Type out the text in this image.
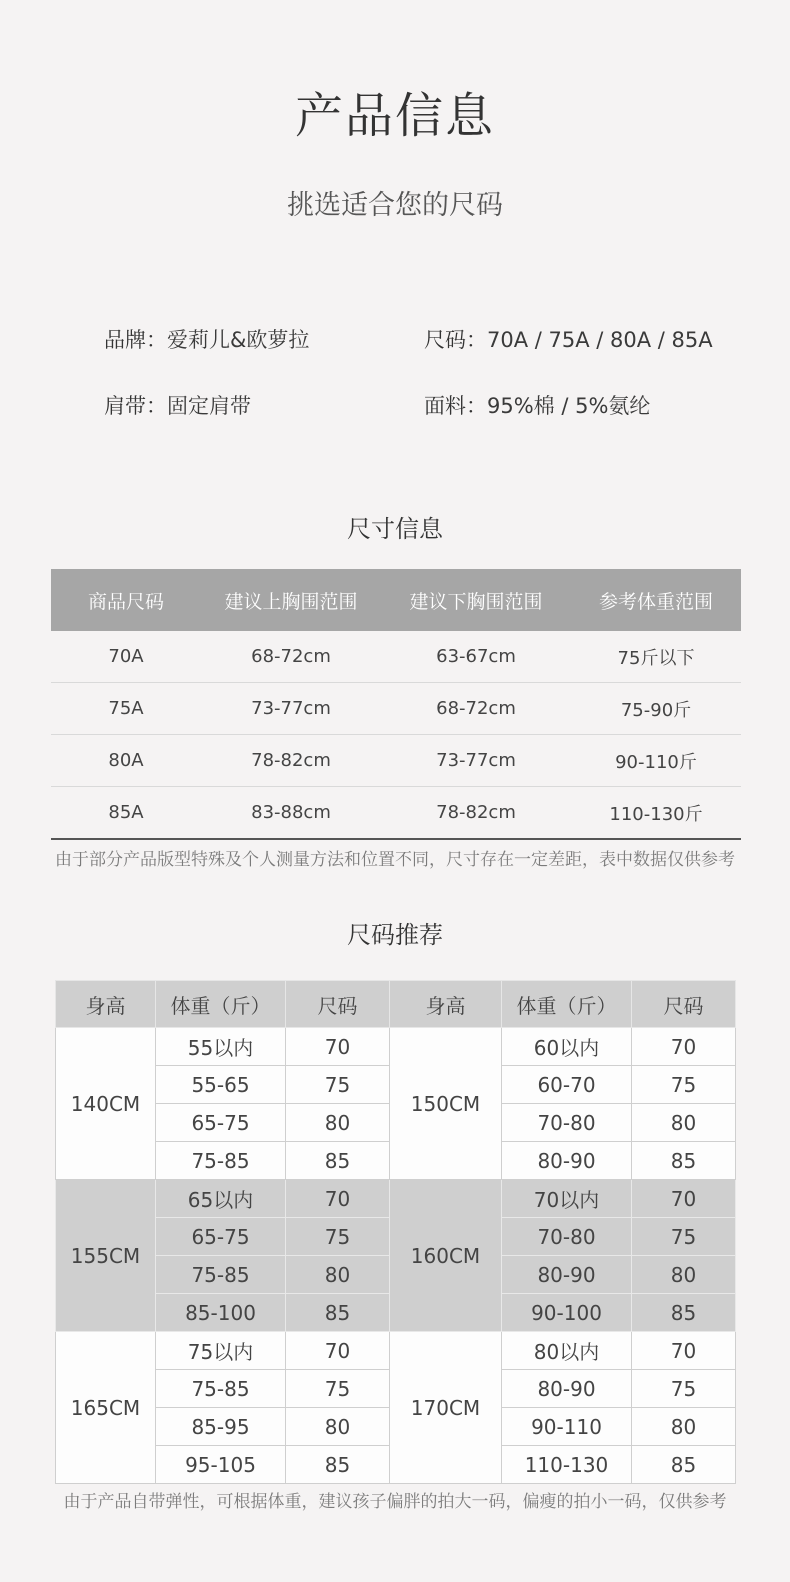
产品信息
挑选适合您的尺码
品牌：爱莉儿&欧萝拉	尺码：70A / 75A / 80A / 85A
肩带：固定肩带	面料：95%棉 / 5%氨纶
尺寸信息
商品尺码	建议上胸围范围	建议下胸围范围	参考体重范围
70A	68-72cm	63-67cm	75斤以下
75A	73-77cm	68-72cm	75-90斤
80A	78-82cm	73-77cm	90-110斤
85A	83-88cm	78-82cm	110-130斤
由于部分产品版型特殊及个人测量方法和位置不同，尺寸存在一定差距，表中数据仅供参考
尺码推荐
身高	体重（斤）	尺码	身高	体重（斤）	尺码
140CM	55以内	70	150CM	60以内	70
	55-65	75		60-70	75
	65-75	80		70-80	80
	75-85	85		80-90	85
155CM	65以内	70	160CM	70以内	70
	65-75	75		70-80	75
	75-85	80		80-90	80
	85-100	85		90-100	85
165CM	75以内	70	170CM	80以内	70
	75-85	75		80-90	75
	85-95	80		90-110	80
	95-105	85		110-130	85
由于产品自带弹性，可根据体重，建议孩子偏胖的拍大一码，偏瘦的拍小一码，仅供参考
